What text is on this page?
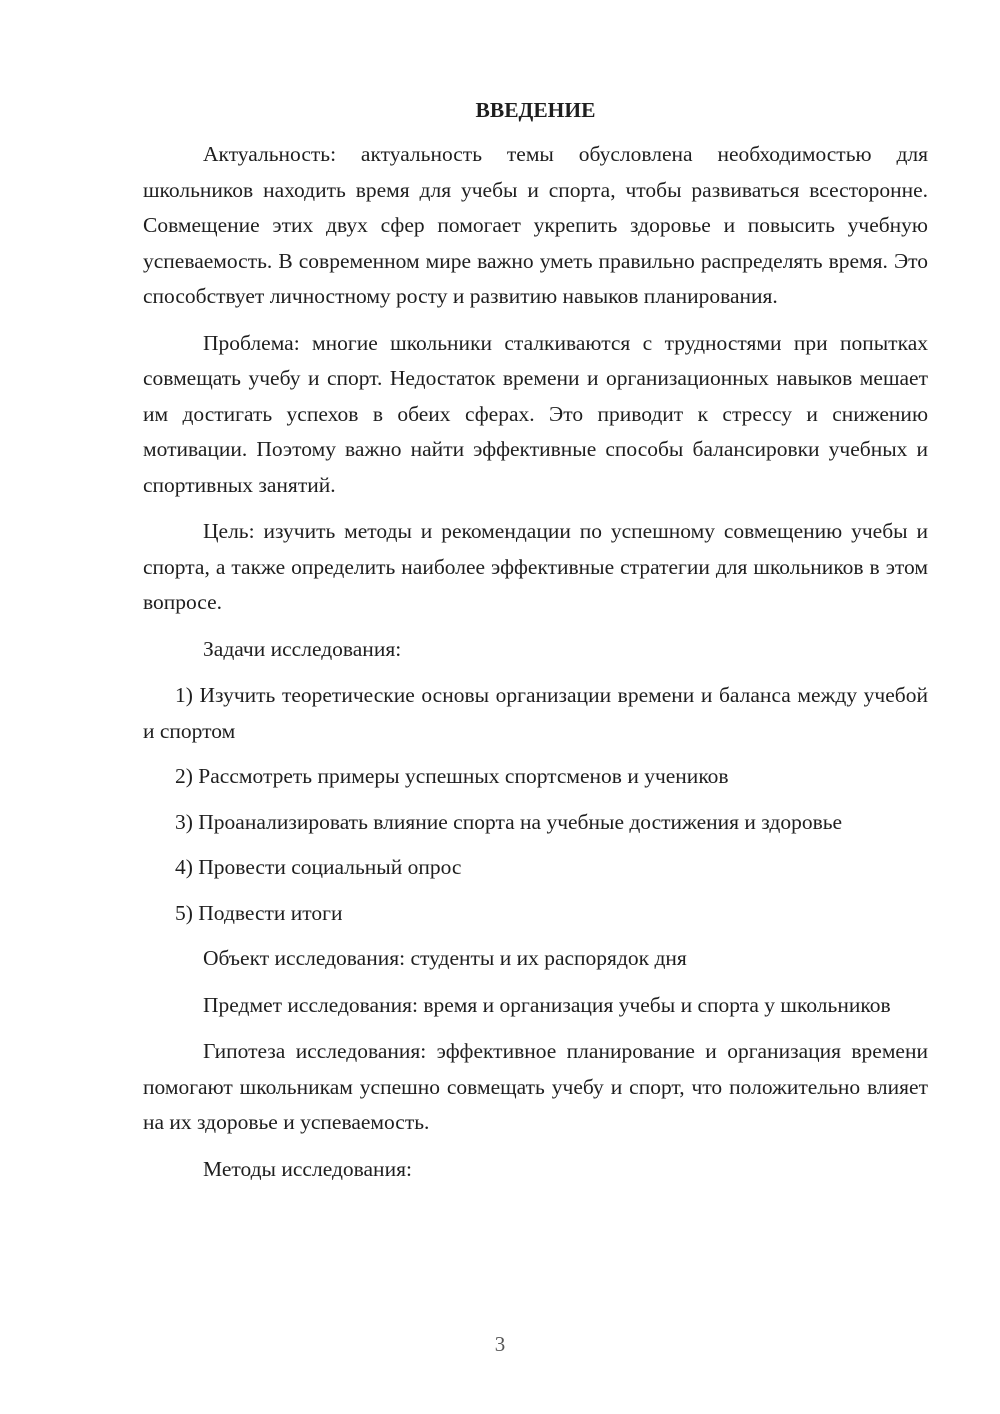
ВВЕДЕНИЕ

Актуальность: актуальность темы обусловлена необходимостью для школьников находить время для учебы и спорта, чтобы развиваться всесторонне. Совмещение этих двух сфер помогает укрепить здоровье и повысить учебную успеваемость. В современном мире важно уметь правильно распределять время. Это способствует личностному росту и развитию навыков планирования.

Проблема: многие школьники сталкиваются с трудностями при попытках совмещать учебу и спорт. Недостаток времени и организационных навыков мешает им достигать успехов в обеих сферах. Это приводит к стрессу и снижению мотивации. Поэтому важно найти эффективные способы балансировки учебных и спортивных занятий.

Цель: изучить методы и рекомендации по успешному совмещению учебы и спорта, а также определить наиболее эффективные стратегии для школьников в этом вопросе.

Задачи исследования:

1) Изучить теоретические основы организации времени и баланса между учебой и спортом

2) Рассмотреть примеры успешных спортсменов и учеников

3) Проанализировать влияние спорта на учебные достижения и здоровье

4) Провести социальный опрос

5) Подвести итоги

Объект исследования: студенты и их распорядок дня

Предмет исследования: время и организация учебы и спорта у школьников

Гипотеза исследования: эффективное планирование и организация времени помогают школьникам успешно совмещать учебу и спорт, что положительно влияет на их здоровье и успеваемость.

Методы исследования:

3
